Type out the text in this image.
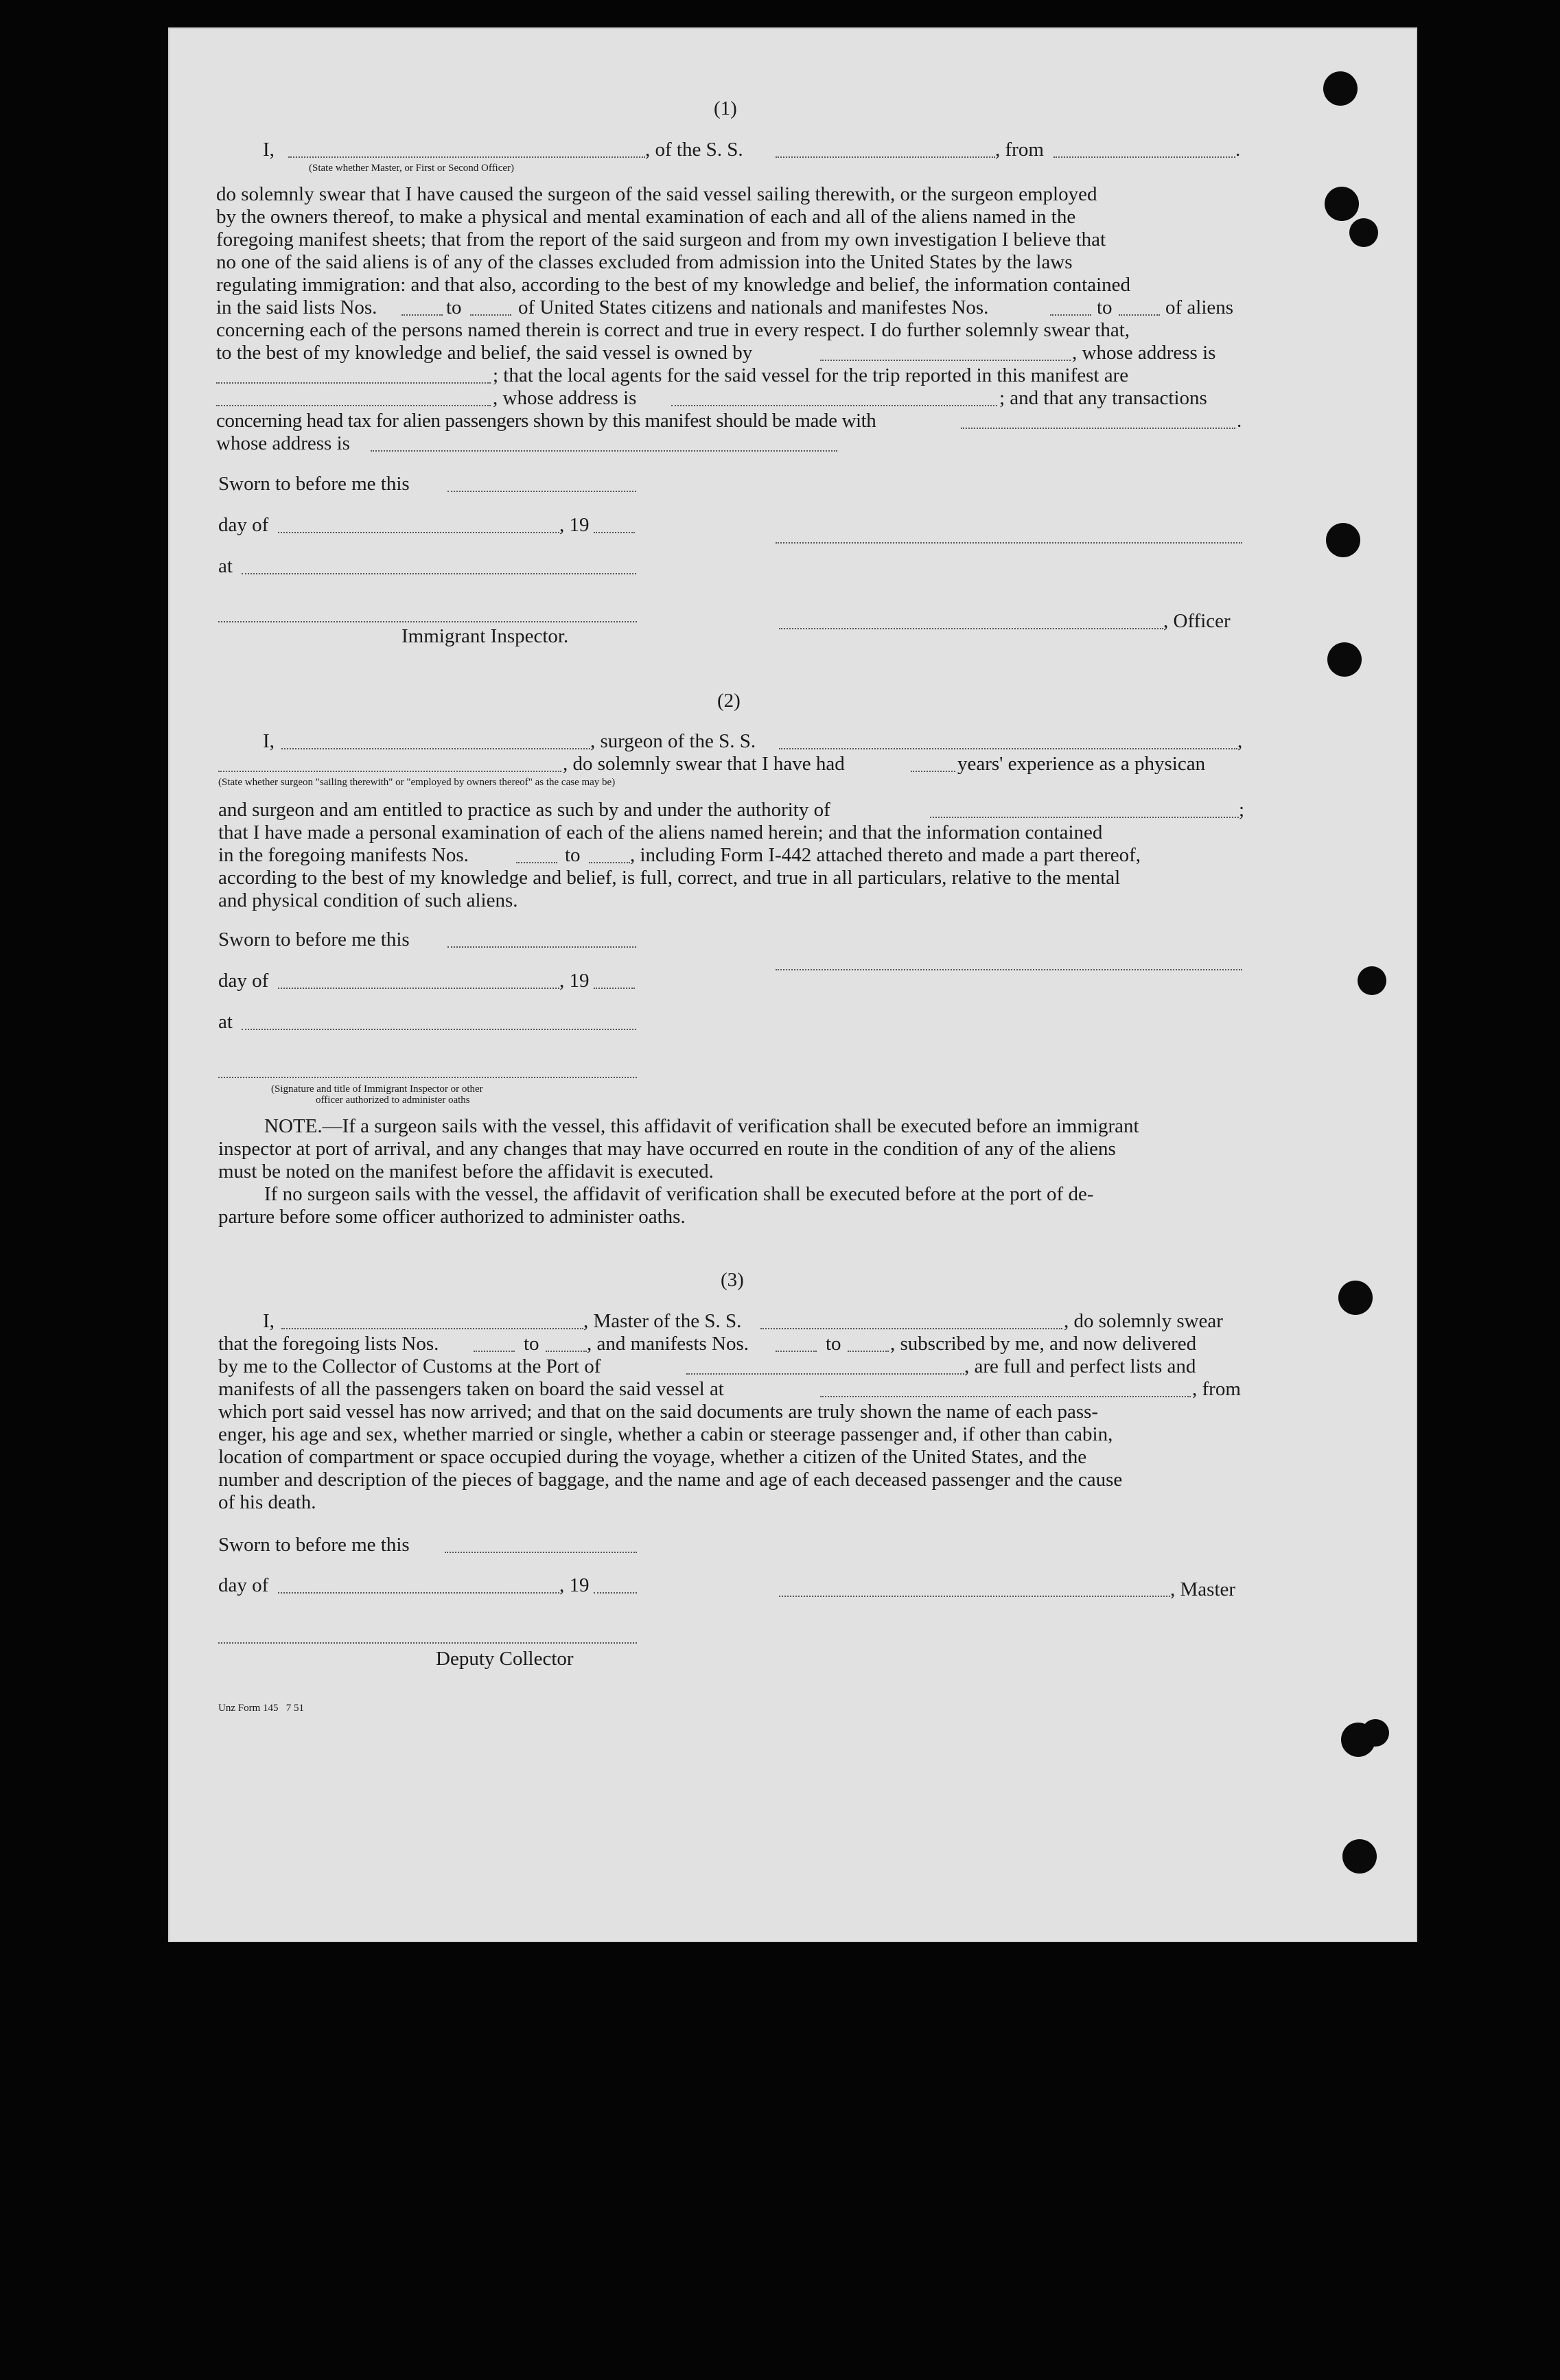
(1)
I,	, of the S. S.	, from	.
(State whether Master, or First or Second Officer)
do solemnly swear that I have caused the surgeon of the said vessel sailing therewith, or the surgeon employed
by the owners thereof, to make a physical and mental examination of each and all of the aliens named in the
foregoing manifest sheets; that from the report of the said surgeon and from my own investigation I believe that
no one of the said aliens is of any of the classes excluded from admission into the United States by the laws
regulating immigration: and that also, according to the best of my knowledge and belief, the information contained
in the said lists Nos.	to	of United States citizens and nationals and manifestes Nos.	to	of aliens
concerning each of the persons named therein is correct and true in every respect. I do further solemnly swear that,
to the best of my knowledge and belief, the said vessel is owned by	, whose address is
; that the local agents for the said vessel for the trip reported in this manifest are
, whose address is	; and that any transactions
concerning head tax for alien passengers shown by this manifest should be made with	.
whose address is
Sworn to before me this
day of	, 19
at
, Officer
Immigrant Inspector.
(2)
I,	, surgeon of the S. S.	,
, do solemnly swear that I have had	years' experience as a physican
(State whether surgeon "sailing therewith" or "employed by owners thereof" as the case may be)
and surgeon and am entitled to practice as such by and under the authority of	;
that I have made a personal examination of each of the aliens named herein; and that the information contained
in the foregoing manifests Nos.	to , including Form I-442 attached thereto and made a part thereof,
according to the best of my knowledge and belief, is full, correct, and true in all particulars, relative to the mental
and physical condition of such aliens.
Sworn to before me this
day of	, 19
at
(Signature and title of Immigrant Inspector or other
officer authorized to administer oaths
NOTE.—If a surgeon sails with the vessel, this affidavit of verification shall be executed before an immigrant
inspector at port of arrival, and any changes that may have occurred en route in the condition of any of the aliens
must be noted on the manifest before the affidavit is executed.
If no surgeon sails with the vessel, the affidavit of verification shall be executed before at the port of de-
parture before some officer authorized to administer oaths.
(3)
I,	, Master of the S. S.	, do solemnly swear
that the foregoing lists Nos.	to , and manifests Nos.	to , subscribed by me, and now delivered
by me to the Collector of Customs at the Port of	, are full and perfect lists and
manifests of all the passengers taken on board the said vessel at	, from
which port said vessel has now arrived; and that on the said documents are truly shown the name of each pass-
enger, his age and sex, whether married or single, whether a cabin or steerage passenger and, if other than cabin,
location of compartment or space occupied during the voyage, whether a citizen of the United States, and the
number and description of the pieces of baggage, and the name and age of each deceased passenger and the cause
of his death.
Sworn to before me this
day of	, 19	, Master
Deputy Collector
Unz Form 145   7 51
